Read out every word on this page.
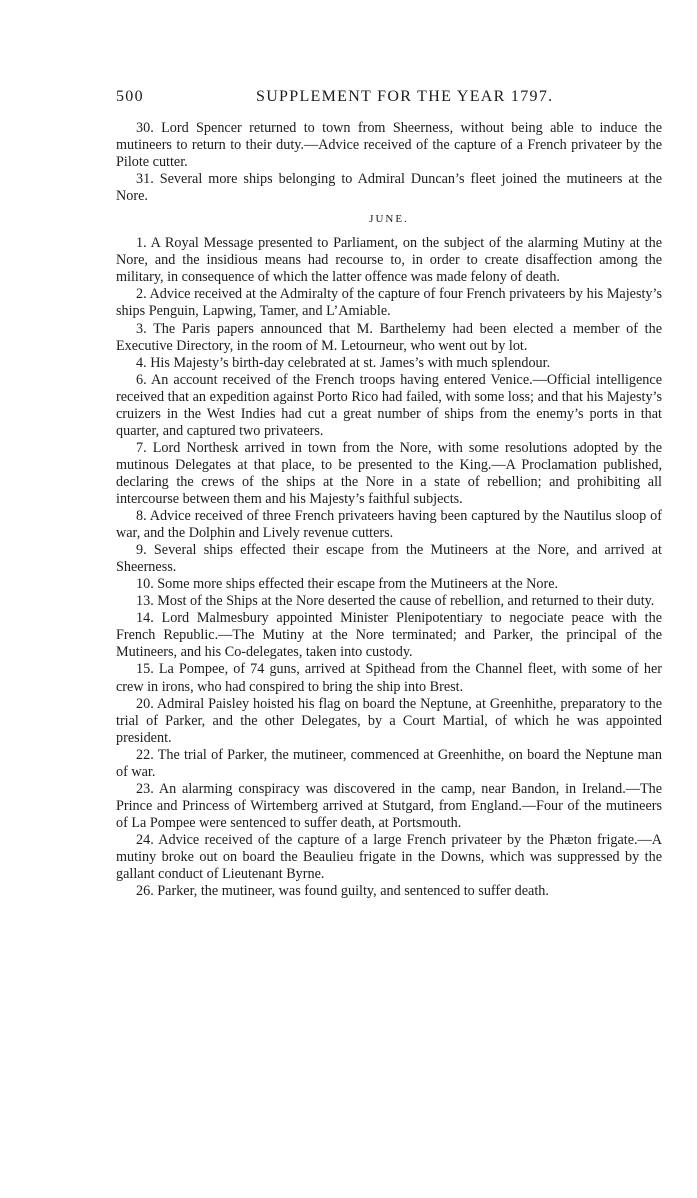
500	SUPPLEMENT FOR THE YEAR 1797.

30. Lord Spencer returned to town from Sheerness, without being able to induce the mutineers to return to their duty.—Advice received of the capture of a French privateer by the Pilote cutter.

31. Several more ships belonging to Admiral Duncan’s fleet joined the mutineers at the Nore.

JUNE.

1. A Royal Message presented to Parliament, on the subject of the alarming Mutiny at the Nore, and the insidious means had recourse to, in order to create disaffection among the military, in consequence of which the latter offence was made felony of death.

2. Advice received at the Admiralty of the capture of four French privateers by his Majesty’s ships Penguin, Lapwing, Tamer, and L’Amiable.

3. The Paris papers announced that M. Barthelemy had been elected a member of the Executive Directory, in the room of M. Letourneur, who went out by lot.

4. His Majesty’s birth-day celebrated at st. James’s with much splendour.

6. An account received of the French troops having entered Venice.—Official intelligence received that an expedition against Porto Rico had failed, with some loss; and that his Majesty’s cruizers in the West Indies had cut a great number of ships from the enemy’s ports in that quarter, and captured two privateers.

7. Lord Northesk arrived in town from the Nore, with some resolutions adopted by the mutinous Delegates at that place, to be presented to the King.—A Proclamation published, declaring the crews of the ships at the Nore in a state of rebellion; and prohibiting all intercourse between them and his Majesty’s faithful subjects.

8. Advice received of three French privateers having been captured by the Nautilus sloop of war, and the Dolphin and Lively revenue cutters.

9. Several ships effected their escape from the Mutineers at the Nore, and arrived at Sheerness.

10. Some more ships effected their escape from the Mutineers at the Nore.

13. Most of the Ships at the Nore deserted the cause of rebellion, and returned to their duty.

14. Lord Malmesbury appointed Minister Plenipotentiary to negociate peace with the French Republic.—The Mutiny at the Nore terminated; and Parker, the principal of the Mutineers, and his Co-delegates, taken into custody.

15. La Pompee, of 74 guns, arrived at Spithead from the Channel fleet, with some of her crew in irons, who had conspired to bring the ship into Brest.

20. Admiral Paisley hoisted his flag on board the Neptune, at Greenhithe, preparatory to the trial of Parker, and the other Delegates, by a Court Martial, of which he was appointed president.

22. The trial of Parker, the mutineer, commenced at Greenhithe, on board the Neptune man of war.

23. An alarming conspiracy was discovered in the camp, near Bandon, in Ireland.—The Prince and Princess of Wirtemberg arrived at Stutgard, from England.—Four of the mutineers of La Pompee were sentenced to suffer death, at Portsmouth.

24. Advice received of the capture of a large French privateer by the Phæton frigate.—A mutiny broke out on board the Beaulieu frigate in the Downs, which was suppressed by the gallant conduct of Lieutenant Byrne.

26. Parker, the mutineer, was found guilty, and sentenced to suffer death.
